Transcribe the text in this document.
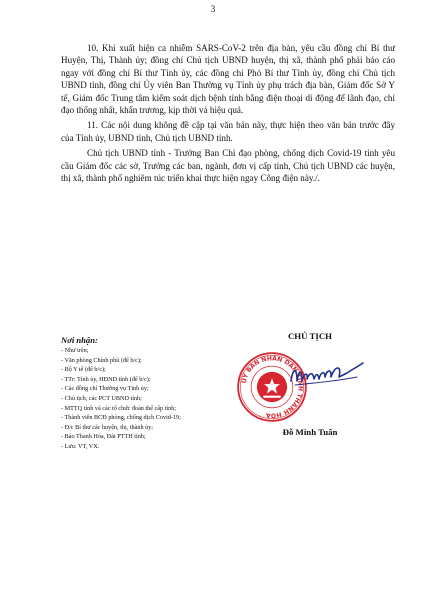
3

10. Khi xuất hiện ca nhiễm SARS-CoV-2 trên địa bàn, yêu cầu đồng chí Bí thư Huyện, Thị, Thành ủy; đồng chí Chủ tịch UBND huyện, thị xã, thành phố phải báo cáo ngay với đồng chí Bí thư Tỉnh ủy, các đồng chí Phó Bí thư Tỉnh ủy, đồng chí Chủ tịch UBND tỉnh, đồng chí Ủy viên Ban Thường vụ Tỉnh ủy phụ trách địa bàn, Giám đốc Sở Y tế, Giám đốc Trung tâm kiểm soát dịch bệnh tỉnh bằng điện thoại di động để lãnh đạo, chỉ đạo thống nhất, khẩn trương, kịp thời và hiệu quả.

11. Các nội dung không đề cập tại văn bản này, thực hiện theo văn bản trước đây của Tỉnh ủy, UBND tỉnh, Chủ tịch UBND tỉnh.

Chủ tịch UBND tỉnh - Trưởng Ban Chỉ đạo phòng, chống dịch Covid-19 tỉnh yêu cầu Giám đốc các sở, Trưởng các ban, ngành, đơn vị cấp tỉnh, Chủ tịch UBND các huyện, thị xã, thành phố nghiêm túc triển khai thực hiện ngay Công điện này./.

Nơi nhận:
- Như trên;
- Văn phòng Chính phủ (để b/c);
- Bộ Y tế (để b/c);
- TTr: Tỉnh ủy, HĐND tỉnh (để b/c);
- Các đồng chí Thường vụ Tỉnh ủy;
- Chủ tịch, các PCT UBND tỉnh;
- MTTQ tỉnh và các tổ chức đoàn thể cấp tỉnh;
- Thành viên BCĐ phòng, chống dịch Covid-19;
- Đ/c Bí thư các huyện, thị, thành ủy;
- Báo Thanh Hóa, Đài PTTH tỉnh;
- Lưu: VT, VX.
CHỦ TỊCH
ỦY BAN NHÂN DÂN TỈNH THANH HÓA
Đỗ Minh Tuấn
